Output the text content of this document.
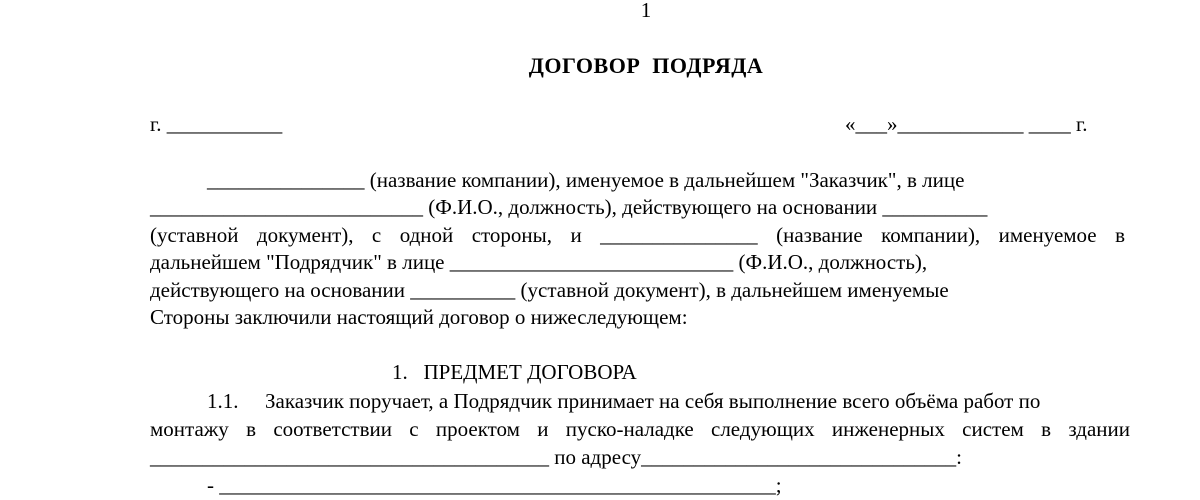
1
ДОГОВОР  ПОДРЯДА
г. ___________	«___»____________ ____ г.
_______________ (название компании), именуемое в дальнейшем "Заказчик", в лице
__________________________ (Ф.И.О., должность), действующего на основании __________
(уставной документ), с одной стороны, и _______________ (название компании), именуемое в
дальнейшем "Подрядчик" в лице ___________________________ (Ф.И.О., должность),
действующего на основании __________ (уставной документ), в дальнейшем именуемые
Стороны заключили настоящий договор о нижеследующем:
1.   ПРЕДМЕТ ДОГОВОРА
1.1. Заказчик поручает, а Подрядчик принимает на себя выполнение всего объёма работ по
монтажу в соответствии с проектом и пуско-наладке следующих инженерных систем в здании
______________________________________ по адресу______________________________:
- _____________________________________________________;
